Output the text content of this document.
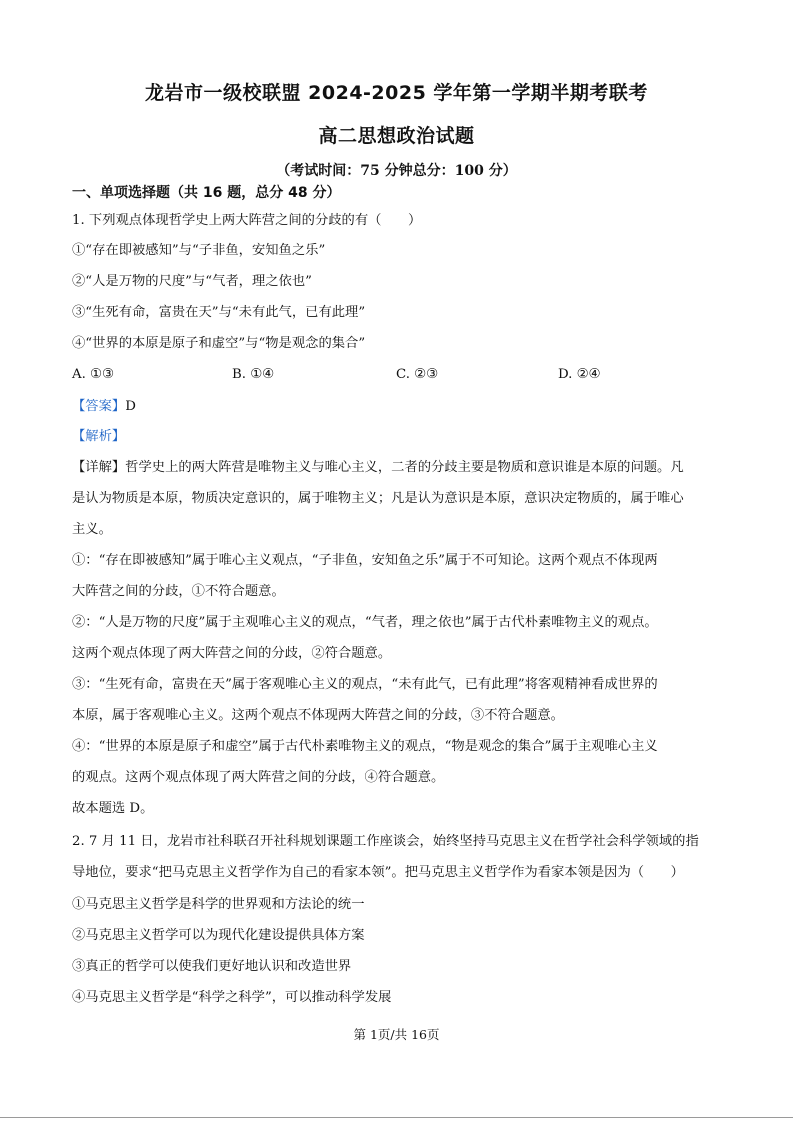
龙岩市一级校联盟 2024-2025 学年第一学期半期考联考
高二思想政治试题
（考试时间：75 分钟总分：100 分）
一、单项选择题（共 16 题，总分 48 分）
1. 下列观点体现哲学史上两大阵营之间的分歧的有（　　）
①“存在即被感知”与“子非鱼，安知鱼之乐”
②“人是万物的尺度”与“气者，理之依也”
③“生死有命，富贵在天”与“未有此气，已有此理”
④“世界的本原是原子和虚空”与“物是观念的集合”
A. ①③	B. ①④	C. ②③	D. ②④
【答案】D
【解析】
【详解】哲学史上的两大阵营是唯物主义与唯心主义，二者的分歧主要是物质和意识谁是本原的问题。凡
是认为物质是本原，物质决定意识的，属于唯物主义；凡是认为意识是本原，意识决定物质的，属于唯心
主义。
①：“存在即被感知”属于唯心主义观点，“子非鱼，安知鱼之乐”属于不可知论。这两个观点不体现两
大阵营之间的分歧，①不符合题意。
②：“人是万物的尺度”属于主观唯心主义的观点，“气者，理之依也”属于古代朴素唯物主义的观点。
这两个观点体现了两大阵营之间的分歧，②符合题意。
③：“生死有命，富贵在天”属于客观唯心主义的观点，“未有此气，已有此理”将客观精神看成世界的
本原，属于客观唯心主义。这两个观点不体现两大阵营之间的分歧，③不符合题意。
④：“世界的本原是原子和虚空”属于古代朴素唯物主义的观点，“物是观念的集合”属于主观唯心主义
的观点。这两个观点体现了两大阵营之间的分歧，④符合题意。
故本题选 D。
2. 7 月 11 日，龙岩市社科联召开社科规划课题工作座谈会，始终坚持马克思主义在哲学社会科学领域的指
导地位，要求“把马克思主义哲学作为自己的看家本领”。把马克思主义哲学作为看家本领是因为（　　）
①马克思主义哲学是科学的世界观和方法论的统一
②马克思主义哲学可以为现代化建设提供具体方案
③真正的哲学可以使我们更好地认识和改造世界
④马克思主义哲学是“科学之科学”，可以推动科学发展
第 1页/共 16页
